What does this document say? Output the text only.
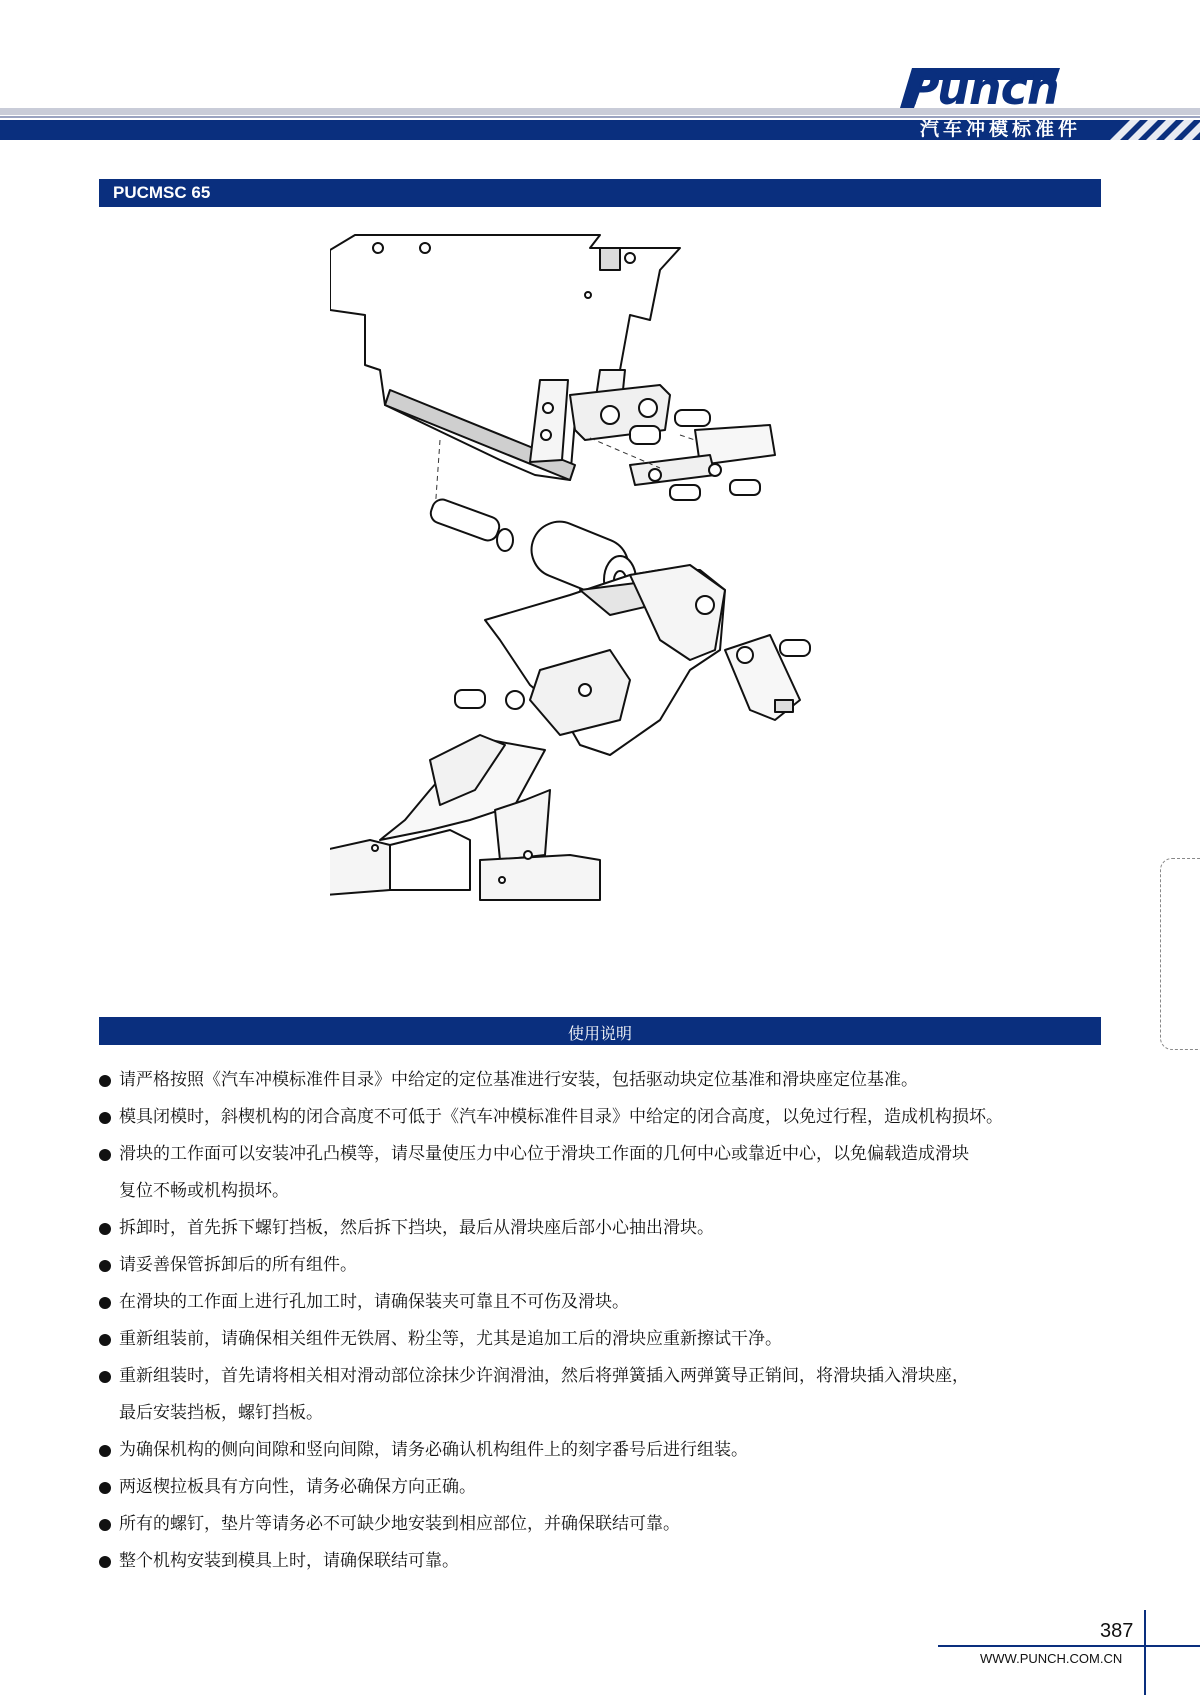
Punch
汽车冲模标准件
PUCMSC 65
使用说明
请严格按照《汽车冲模标准件目录》中给定的定位基准进行安装，包括驱动块定位基准和滑块座定位基准。
模具闭模时，斜楔机构的闭合高度不可低于《汽车冲模标准件目录》中给定的闭合高度，以免过行程，造成机构损坏。
滑块的工作面可以安装冲孔凸模等，请尽量使压力中心位于滑块工作面的几何中心或靠近中心，以免偏载造成滑块
复位不畅或机构损坏。
拆卸时，首先拆下螺钉挡板，然后拆下挡块，最后从滑块座后部小心抽出滑块。
请妥善保管拆卸后的所有组件。
在滑块的工作面上进行孔加工时，请确保装夹可靠且不可伤及滑块。
重新组装前，请确保相关组件无铁屑、粉尘等，尤其是追加工后的滑块应重新擦试干净。
重新组装时，首先请将相关相对滑动部位涂抹少许润滑油，然后将弹簧插入两弹簧导正销间，将滑块插入滑块座，
最后安装挡板，螺钉挡板。
为确保机构的侧向间隙和竖向间隙，请务必确认机构组件上的刻字番号后进行组装。
两返楔拉板具有方向性，请务必确保方向正确。
所有的螺钉，垫片等请务必不可缺少地安装到相应部位，并确保联结可靠。
整个机构安装到模具上时，请确保联结可靠。
387
WWW.PUNCH.COM.CN
